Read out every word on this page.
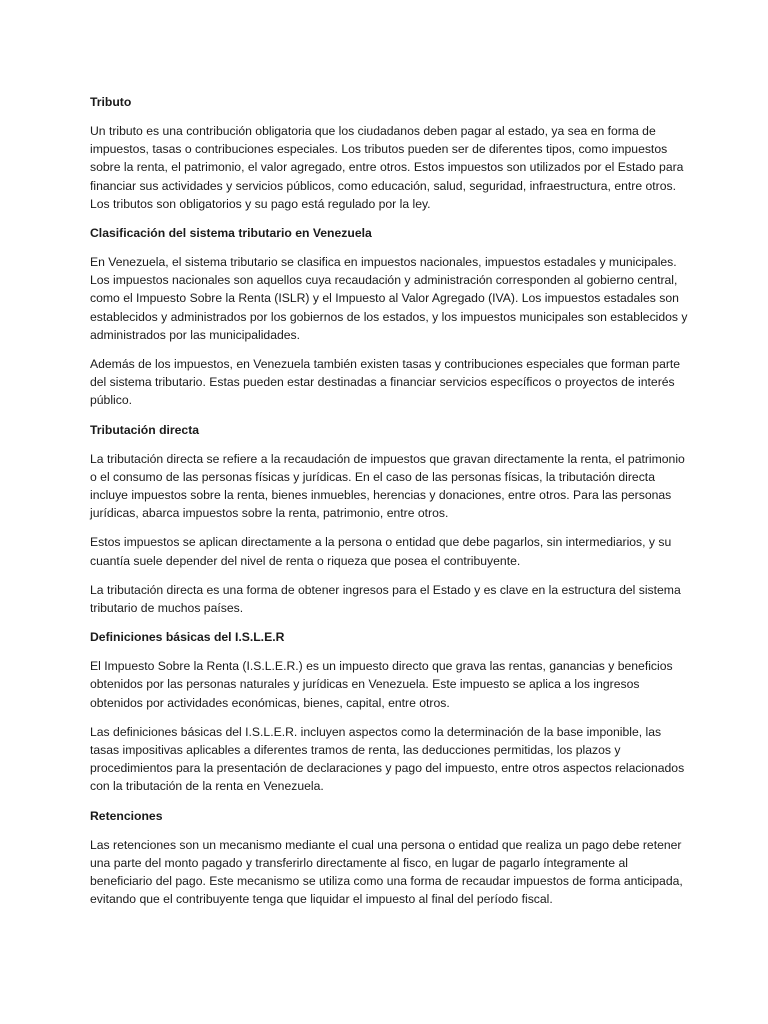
Tributo

Un tributo es una contribución obligatoria que los ciudadanos deben pagar al estado, ya sea en forma de impuestos, tasas o contribuciones especiales. Los tributos pueden ser de diferentes tipos, como impuestos sobre la renta, el patrimonio, el valor agregado, entre otros. Estos impuestos son utilizados por el Estado para financiar sus actividades y servicios públicos, como educación, salud, seguridad, infraestructura, entre otros. Los tributos son obligatorios y su pago está regulado por la ley.

Clasificación del sistema tributario en Venezuela

En Venezuela, el sistema tributario se clasifica en impuestos nacionales, impuestos estadales y municipales. Los impuestos nacionales son aquellos cuya recaudación y administración corresponden al gobierno central, como el Impuesto Sobre la Renta (ISLR) y el Impuesto al Valor Agregado (IVA). Los impuestos estadales son establecidos y administrados por los gobiernos de los estados, y los impuestos municipales son establecidos y administrados por las municipalidades.

Además de los impuestos, en Venezuela también existen tasas y contribuciones especiales que forman parte del sistema tributario. Estas pueden estar destinadas a financiar servicios específicos o proyectos de interés público.

Tributación directa

La tributación directa se refiere a la recaudación de impuestos que gravan directamente la renta, el patrimonio o el consumo de las personas físicas y jurídicas. En el caso de las personas físicas, la tributación directa incluye impuestos sobre la renta, bienes inmuebles, herencias y donaciones, entre otros. Para las personas jurídicas, abarca impuestos sobre la renta, patrimonio, entre otros.

Estos impuestos se aplican directamente a la persona o entidad que debe pagarlos, sin intermediarios, y su cuantía suele depender del nivel de renta o riqueza que posea el contribuyente.

La tributación directa es una forma de obtener ingresos para el Estado y es clave en la estructura del sistema tributario de muchos países.

Definiciones básicas del I.S.L.E.R

El Impuesto Sobre la Renta (I.S.L.E.R.) es un impuesto directo que grava las rentas, ganancias y beneficios obtenidos por las personas naturales y jurídicas en Venezuela. Este impuesto se aplica a los ingresos obtenidos por actividades económicas, bienes, capital, entre otros.

Las definiciones básicas del I.S.L.E.R. incluyen aspectos como la determinación de la base imponible, las tasas impositivas aplicables a diferentes tramos de renta, las deducciones permitidas, los plazos y procedimientos para la presentación de declaraciones y pago del impuesto, entre otros aspectos relacionados con la tributación de la renta en Venezuela.

Retenciones

Las retenciones son un mecanismo mediante el cual una persona o entidad que realiza un pago debe retener una parte del monto pagado y transferirlo directamente al fisco, en lugar de pagarlo íntegramente al beneficiario del pago. Este mecanismo se utiliza como una forma de recaudar impuestos de forma anticipada, evitando que el contribuyente tenga que liquidar el impuesto al final del período fiscal.
